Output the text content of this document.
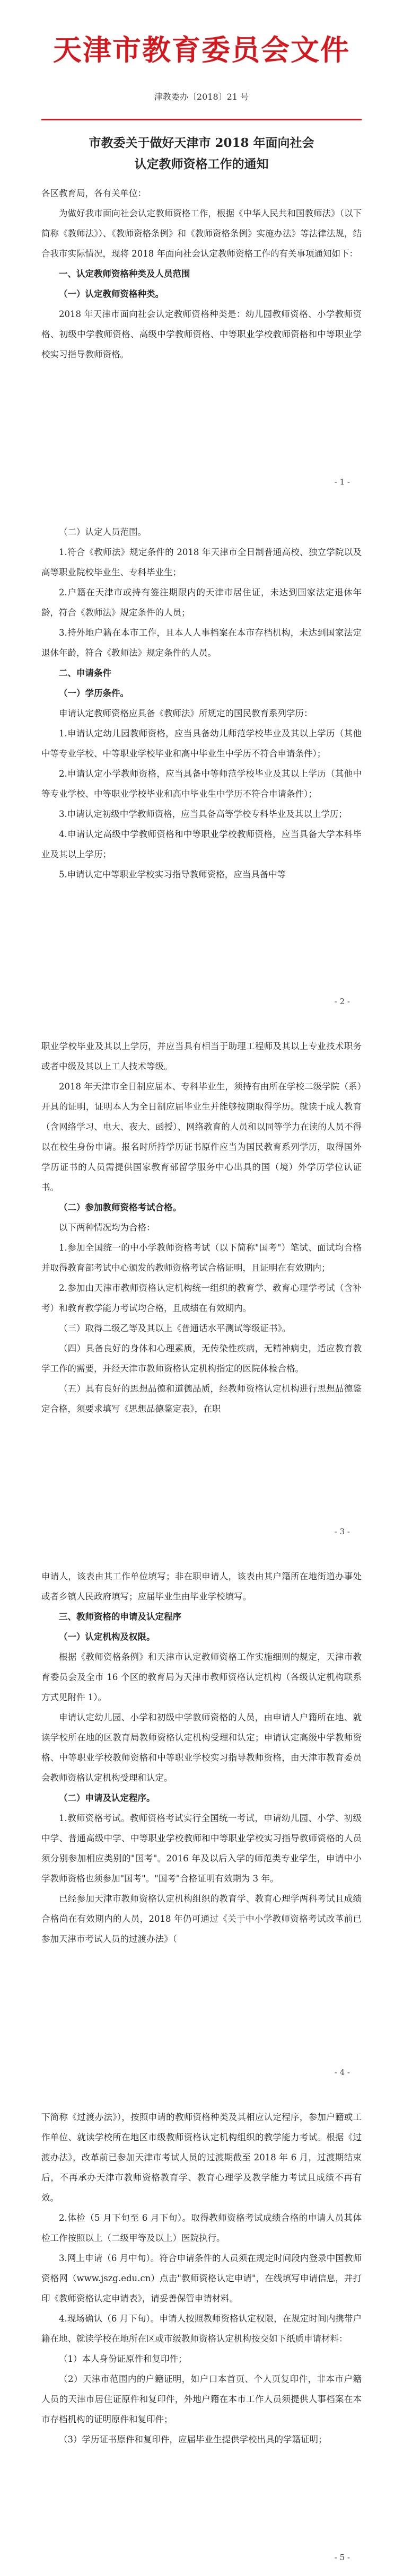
天津市教育委员会文件
津教委办〔2018〕21 号
市教委关于做好天津市 2018 年面向社会
认定教师资格工作的通知

各区教育局，各有关单位：

为做好我市面向社会认定教师资格工作，根据《中华人民共和国教师法》（以下简称《教师法》）、《教师资格条例》和《教师资格条例》实施办法》等法律法规，结合我市实际情况，现将 2018 年面向社会认定教师资格工作的有关事项通知如下：

一、认定教师资格种类及人员范围

（一）认定教师资格种类。

2018 年天津市面向社会认定教师资格种类是：幼儿园教师资格、小学教师资格、初级中学教师资格、高级中学教师资格、中等职业学校教师资格和中等职业学校实习指导教师资格。

- 1 -

（二）认定人员范围。

1.符合《教师法》规定条件的 2018 年天津市全日制普通高校、独立学院以及高等职业院校毕业生、专科毕业生；

2.户籍在天津市或持有签注期限内的天津市居住证，未达到国家法定退休年龄，符合《教师法》规定条件的人员；

3.持外地户籍在本市工作，且本人人事档案在本市存档机构，未达到国家法定退休年龄，符合《教师法》规定条件的人员。

二、申请条件

（一）学历条件。

申请认定教师资格应具备《教师法》所规定的国民教育系列学历：

1.申请认定幼儿园教师资格，应当具备幼儿师范学校毕业及其以上学历（其他中等专业学校、中等职业学校毕业和高中毕业生中学历不符合申请条件）；

2.申请认定小学教师资格，应当具备中等师范学校毕业及其以上学历（其他中等专业学校、中等职业学校毕业和高中毕业生中学历不符合申请条件）；

3.申请认定初级中学教师资格，应当具备高等学校专科毕业及其以上学历；

4.申请认定高级中学教师资格和中等职业学校教师资格，应当具备大学本科毕业及其以上学历；

5.申请认定中等职业学校实习指导教师资格，应当具备中等

- 2 -

职业学校毕业及其以上学历，并应当具有相当于助理工程师及其以上专业技术职务或者中级及其以上工人技术等级。

2018 年天津市全日制应届本、专科毕业生，须持有由所在学校二级学院（系）开具的证明，证明本人为全日制应届毕业生并能够按期取得学历。就读于成人教育（含网络学习、电大、夜大、函授）、网络教育的人员和以同等学力在读的人员不得以在校生身份申请。报名时所持学历证书原件应当为国民教育系列学历，取得国外学历证书的人员需提供国家教育部留学服务中心出具的国（境）外学历学位认证书。

（二）参加教师资格考试合格。

以下两种情况均为合格：

1.参加全国统一的中小学教师资格考试（以下简称"国考"）笔试、面试均合格并取得教育部考试中心颁发的教师资格考试合格证明，且证明在有效期内；

2.参加由天津市教师资格认定机构统一组织的教育学、教育心理学考试（含补考）和教育教学能力考试均合格，且成绩在有效期内。

（三）取得二级乙等及其以上《普通话水平测试等级证书》。

（四）具备良好的身体和心理素质，无传染性疾病，无精神病史，适应教育教学工作的需要，并经天津市教师资格认定机构指定的医院体检合格。

（五）具有良好的思想品德和道德品质，经教师资格认定机构进行思想品德鉴定合格，须要求填写《思想品德鉴定表》，在职

- 3 -

申请人，该表由其工作单位填写；非在职申请人，该表由其户籍所在地街道办事处或者乡镇人民政府填写；应届毕业生由毕业学校填写。

三、教师资格的申请及认定程序

（一）认定机构及权限。

根据《教师资格条例》和天津市认定教师资格工作实施细则的规定，天津市教育委员会及全市 16 个区的教育局为天津市教师资格认定机构（各级认定机构联系方式见附件 1）。

申请认定幼儿园、小学和初级中学教师资格的人员，由申请人户籍所在地、就读学校所在地的区教育局教师资格认定机构受理和认定；申请认定高级中学教师资格、中等职业学校教师资格和中等职业学校实习指导教师资格，由天津市教育委员会教师资格认定机构受理和认定。

（二）申请及认定程序。

1.教师资格考试。教师资格考试实行全国统一考试，申请幼儿园、小学、初级中学、普通高级中学、中等职业学校教师和中等职业学校实习指导教师资格的人员须分别参加相应类别的"国考"。2016 年及以后入学的师范类专业学生，申请中小学教师资格也须参加"国考"。"国考"合格证明有效期为 3 年。

已经参加天津市教师资格认定机构组织的教育学、教育心理学两科考试且成绩合格尚在有效期内的人员，2018 年仍可通过《关于中小学教师资格考试改革前已参加天津市考试人员的过渡办法》（

- 4 -

下简称《过渡办法》），按照申请的教师资格种类及其相应认定程序，参加户籍或工作单位、就读学校所在地区市级教师资格认定机构组织的教学能力考试。根据《过渡办法》，改革前已参加天津市考试人员的过渡期截至 2018 年 6 月，过渡期结束后，不再承办天津市教师资格教育学、教育心理学及教学能力考试且成绩不再有效。

2.体检（5 月下旬至 6 月下旬）。取得教师资格考试成绩合格的申请人员其体检工作按照以上（二级甲等及以上）医院执行。

3.网上申请（6 月中旬）。符合申请条件的人员须在规定时间段内登录中国教师资格网（www.jszg.edu.cn）点击"教师资格认定申请"，在线填写申请信息，并打印《教师资格认定申请表》，请妥善保管申请材料。

4.现场确认（6 月下旬）。申请人按照教师资格认定权限，在规定时间内携带户籍在地、就读学校在地所在区或市级教师资格认定机构按交如下纸质申请材料：

（1）本人身份证原件和复印件；

（2）天津市范围内的户籍证明，如户口本首页、个人页复印件，非本市户籍人员的天津市居住证原件和复印件，外地户籍在本市工作人员须提供人事档案在本市存档机构的证明原件和复印件；

（3）学历证书原件和复印件，应届毕业生提供学校出具的学籍证明；

- 5 -
